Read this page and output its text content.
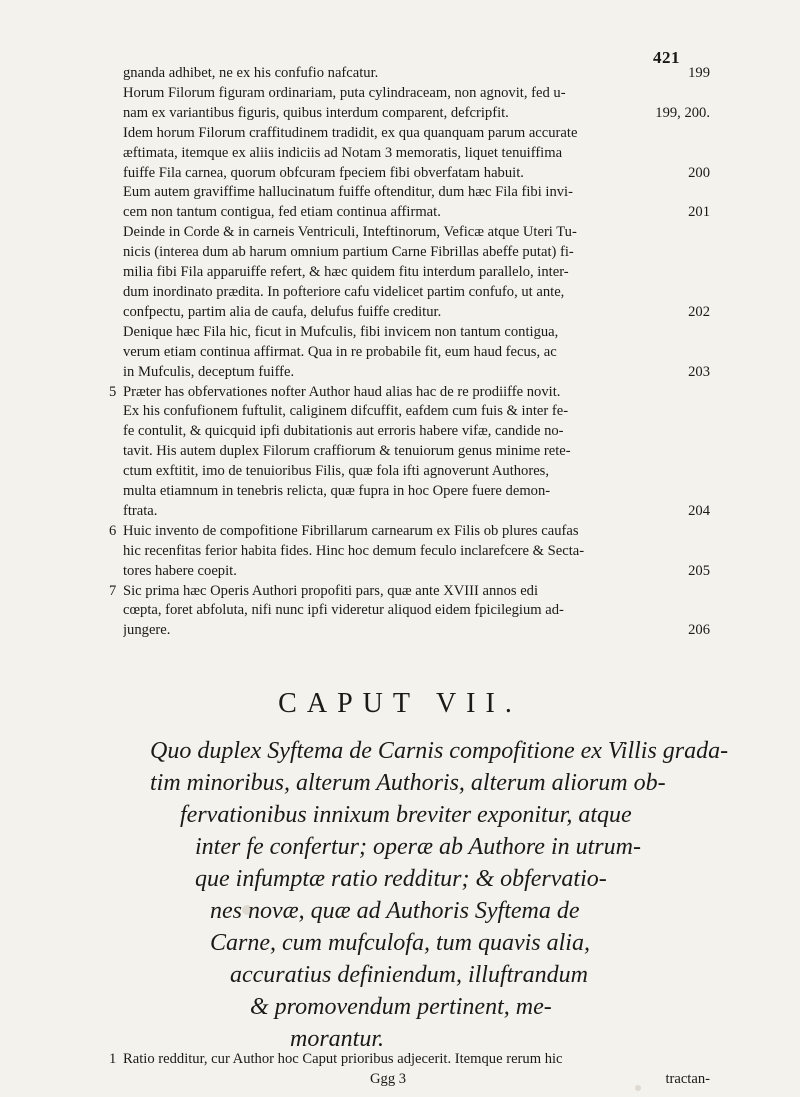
421
gnanda adhibet, ne ex his confufio nafcatur.	199
Horum Filorum figuram ordinariam, puta cylindraceam, non agnovit, fed u-
nam ex variantibus figuris, quibus interdum comparent, defcripfit.	199, 200.
Idem horum Filorum craffitudinem tradidit, ex qua quanquam parum accurate
æftimata, itemque ex aliis indiciis ad Notam 3 memoratis, liquet tenuiffima
fuiffe Fila carnea, quorum obfcuram fpeciem fibi obverfatam habuit.	200
Eum autem graviffime hallucinatum fuiffe oftenditur, dum hæc Fila fibi invi-
cem non tantum contigua, fed etiam continua affirmat.	201
Deinde in Corde & in carneis Ventriculi, Inteftinorum, Veficæ atque Uteri Tu-
nicis (interea dum ab harum omnium partium Carne Fibrillas abeffe putat) fi-
milia fibi Fila apparuiffe refert, & hæc quidem fitu interdum parallelo, inter-
dum inordinato prædita. In pofteriore cafu videlicet partim confufo, ut ante,
confpectu, partim alia de caufa, delufus fuiffe creditur.	202
Denique hæc Fila hic, ficut in Mufculis, fibi invicem non tantum contigua,
verum etiam continua affirmat. Qua in re probabile fit, eum haud fecus, ac
in Mufculis, deceptum fuiffe.	203
5 Præter has obfervationes nofter Author haud alias hac de re prodiiffe novit.
Ex his confufionem fuftulit, caliginem difcuffit, eafdem cum fuis & inter fe-
fe contulit, & quicquid ipfi dubitationis aut erroris habere vifæ, candide no-
tavit. His autem duplex Filorum craffiorum & tenuiorum genus minime rete-
ctum exftitit, imo de tenuioribus Filis, quæ fola ifti agnoverunt Authores,
multa etiamnum in tenebris relicta, quæ fupra in hoc Opere fuere demon-
ftrata.	204
6 Huic invento de compofitione Fibrillarum carnearum ex Filis ob plures caufas
hic recenfitas ferior habita fides. Hinc hoc demum feculo inclarefcere & Secta-
tores habere coepit.	205
7 Sic prima hæc Operis Authori propofiti pars, quæ ante XVIII annos edi
cœpta, foret abfoluta, nifi nunc ipfi videretur aliquod eidem fpicilegium ad-
jungere.	206
CAPUT VII.
Quo duplex Syftema de Carnis compofitione ex Villis grada-
tim minoribus, alterum Authoris, alterum aliorum ob-
fervationibus innixum breviter exponitur, atque
inter fe confertur; operæ ab Authore in utrum-
que infumptæ ratio redditur; & obfervatio-
nes novæ, quæ ad Authoris Syftema de
Carne, cum mufculofa, tum quavis alia,
accuratius definiendum, illuftrandum
& promovendum pertinent, me-
morantur.
1 Ratio redditur, cur Author hoc Caput prioribus adjecerit. Itemque rerum hic
Ggg 3	tractan-
